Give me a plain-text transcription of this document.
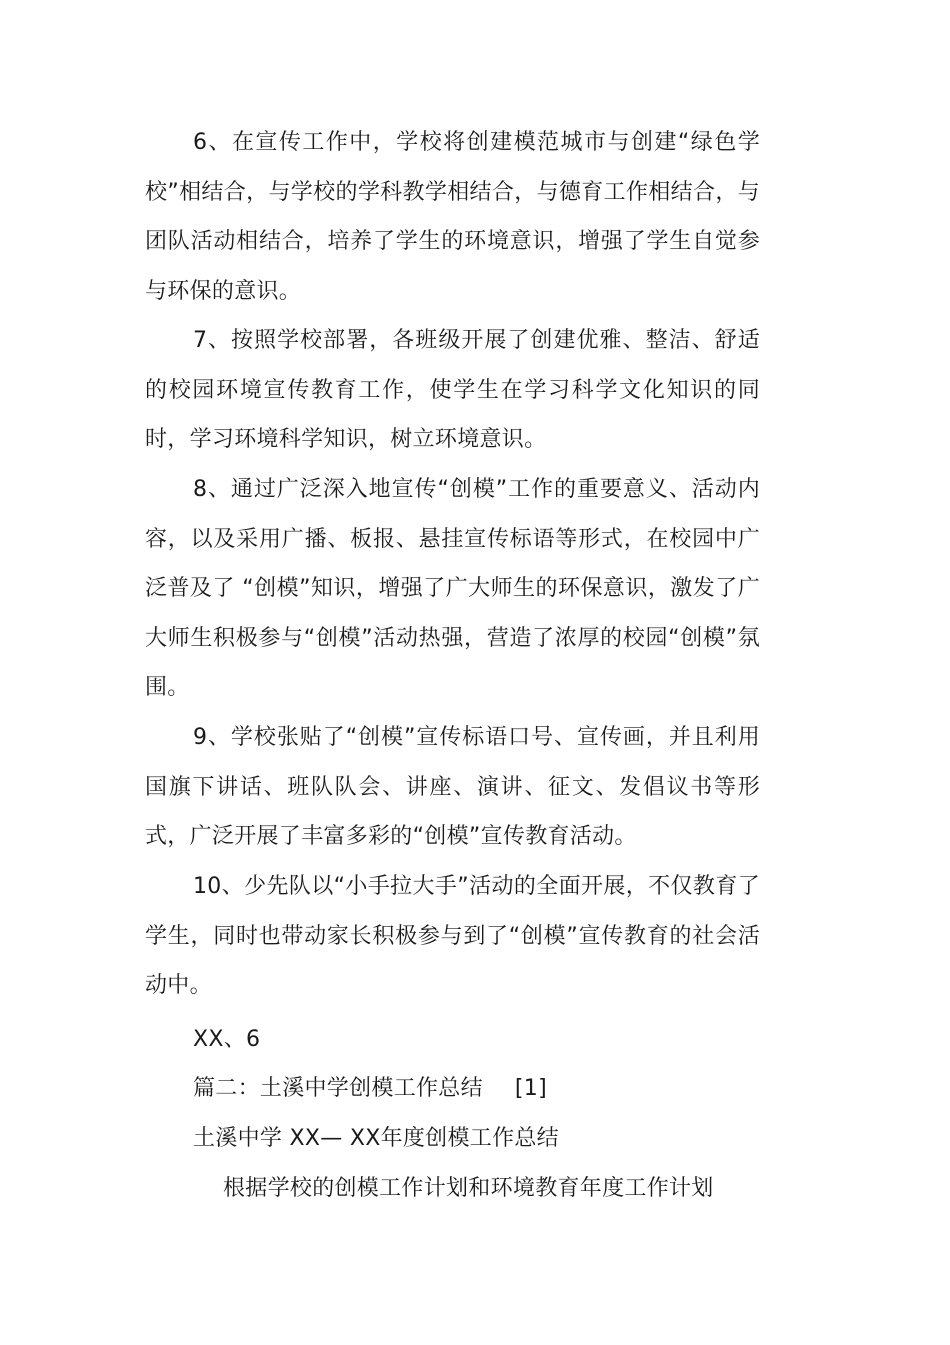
6、在宣传工作中，学校将创建模范城市与创建“绿色学校”相结合，与学校的学科教学相结合，与德育工作相结合，与团队活动相结合，培养了学生的环境意识，增强了学生自觉参与环保的意识。

7、按照学校部署，各班级开展了创建优雅、整洁、舒适的校园环境宣传教育工作，使学生在学习科学文化知识的同时，学习环境科学知识，树立环境意识。

8、通过广泛深入地宣传“创模”工作的重要意义、活动内容，以及采用广播、板报、悬挂宣传标语等形式，在校园中广泛普及了 “创模”知识，增强了广大师生的环保意识，激发了广大师生积极参与“创模”活动热强，营造了浓厚的校园“创模”氛围。

9、学校张贴了“创模”宣传标语口号、宣传画，并且利用国旗下讲话、班队队会、讲座、演讲、征文、发倡议书等形式，广泛开展了丰富多彩的“创模”宣传教育活动。

10、少先队以“小手拉大手”活动的全面开展，不仅教育了学生，同时也带动家长积极参与到了“创模”宣传教育的社会活动中。

XX、6

篇二：土溪中学创模工作总结 [1]

土溪中学 XX— XX年度创模工作总结

根据学校的创模工作计划和环境教育年度工作计划
